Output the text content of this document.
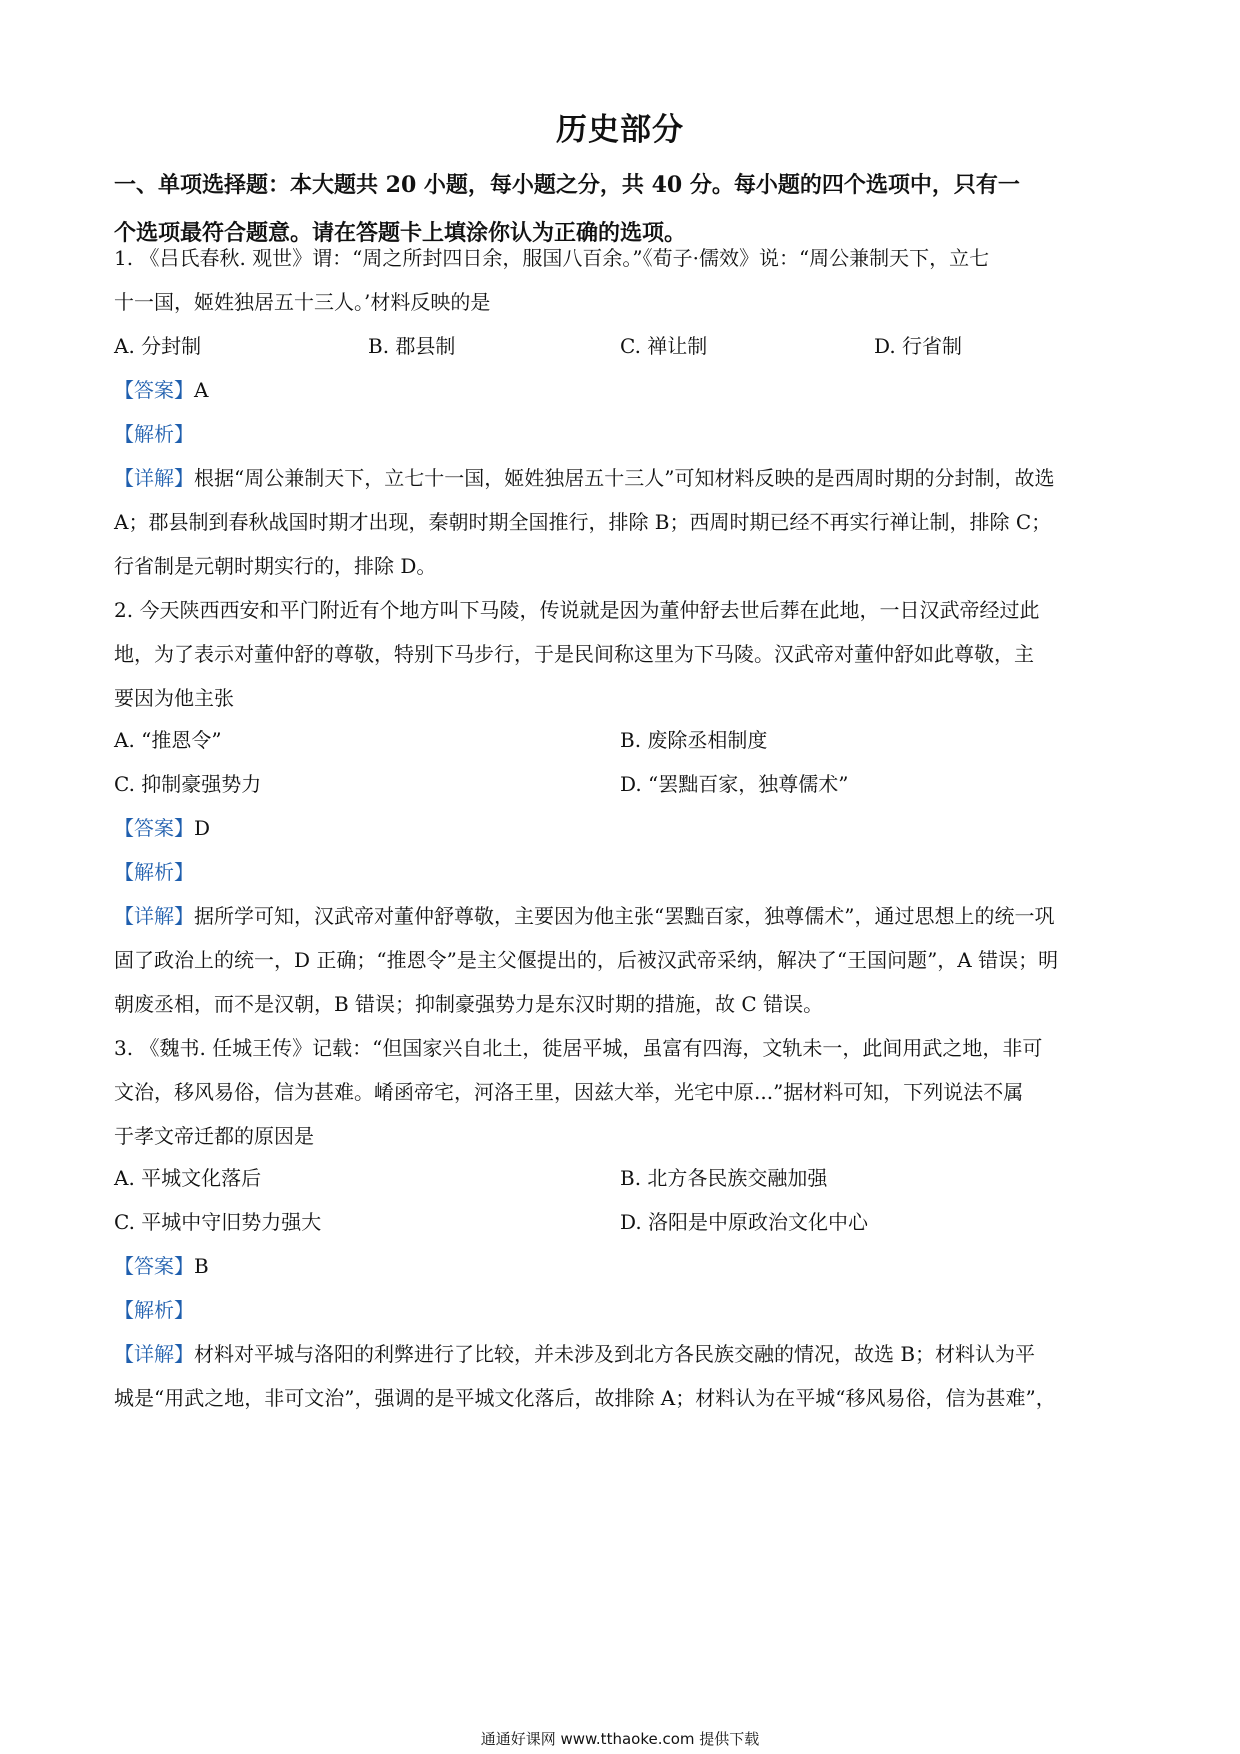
历史部分
一、单项选择题：本大题共 20 小题，每小题之分，共 40 分。每小题的四个选项中，只有一
个选项最符合题意。请在答题卡上填涂你认为正确的选项。
1. 《吕氏春秋. 观世》谓：“周之所封四日余，服国八百余。”《荀子·儒效》说：“周公兼制天下，立七
十一国，姬姓独居五十三人。’材料反映的是
A. 分封制	B. 郡县制	C. 禅让制	D. 行省制
【答案】A
【解析】
【详解】根据“周公兼制天下，立七十一国，姬姓独居五十三人”可知材料反映的是西周时期的分封制，故选
A；郡县制到春秋战国时期才出现，秦朝时期全国推行，排除 B；西周时期已经不再实行禅让制，排除 C；
行省制是元朝时期实行的，排除 D。
2. 今天陕西西安和平门附近有个地方叫下马陵，传说就是因为董仲舒去世后葬在此地，一日汉武帝经过此
地，为了表示对董仲舒的尊敬，特别下马步行，于是民间称这里为下马陵。汉武帝对董仲舒如此尊敬，主
要因为他主张
A. “推恩令”	B. 废除丞相制度
C. 抑制豪强势力	D. “罢黜百家，独尊儒术”
【答案】D
【解析】
【详解】据所学可知，汉武帝对董仲舒尊敬，主要因为他主张“罢黜百家，独尊儒术”，通过思想上的统一巩
固了政治上的统一，D 正确；“推恩令”是主父偃提出的，后被汉武帝采纳，解决了“王国问题”，A 错误；明
朝废丞相，而不是汉朝，B 错误；抑制豪强势力是东汉时期的措施，故 C 错误。
3. 《魏书. 任城王传》记载：“但国家兴自北土，徙居平城，虽富有四海，文轨未一，此间用武之地，非可
文治，移风易俗，信为甚难。崤函帝宅，河洛王里，因兹大举，光宅中原...”据材料可知，下列说法不属
于孝文帝迁都的原因是
A. 平城文化落后	B. 北方各民族交融加强
C. 平城中守旧势力强大	D. 洛阳是中原政治文化中心
【答案】B
【解析】
【详解】材料对平城与洛阳的利弊进行了比较，并未涉及到北方各民族交融的情况，故选 B；材料认为平
城是“用武之地，非可文治”，强调的是平城文化落后，故排除 A；材料认为在平城“移风易俗，信为甚难”，
通通好课网 www.tthaoke.com 提供下载
